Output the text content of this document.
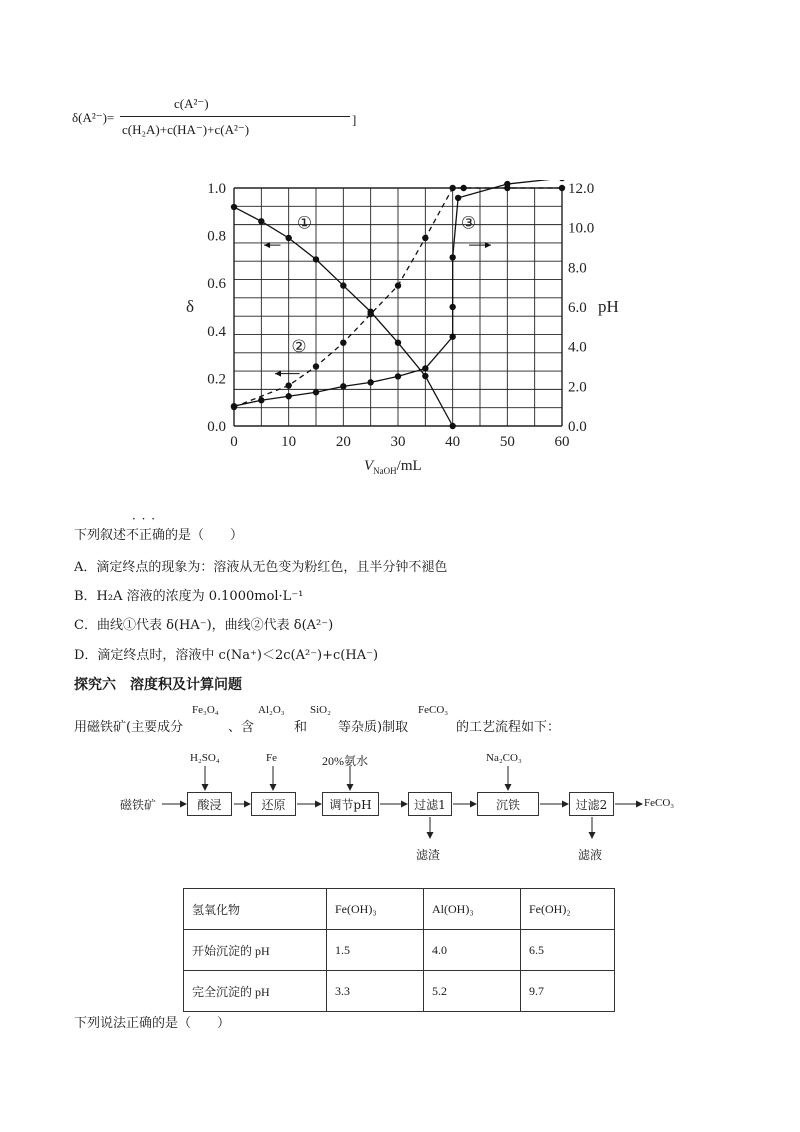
δ(A²⁻)=
c(A²⁻)
c(H₂A)+c(HA⁻)+c(A²⁻)
]
0	10	20	30	40	50	60
0.0
0.2
0.4
0.6
0.8
1.0
0.0
2.0
4.0
6.0
8.0
10.0
12.0
δ	pH
$V_{NaOH}/mL$
①
②
③
下列叙述不正确的是（　　）
· · ·
A．滴定终点的现象为：溶液从无色变为粉红色，且半分钟不褪色
B．H₂A 溶液的浓度为 0.1000mol·L⁻¹
C．曲线①代表 δ(HA⁻)，曲线②代表 δ(A²⁻)
D．滴定终点时，溶液中 c(Na⁺)＜2c(A²⁻)+c(HA⁻)
探究六　溶度积及计算问题
用磁铁矿(主要成分
Fe₃O₄
、含
Al₂O₃
和
SiO₂
等杂质)制取
FeCO₃
的工艺流程如下：
磁铁矿	酸浸	还原	调节pH	过滤1	沉铁	过滤2
H₂SO₄	Fe	20%氨水	Na₂CO₃
滤渣	滤液
FeCO₃
氢氧化物	Fe(OH)₃	Al(OH)₃	Fe(OH)₂
开始沉淀的 pH	1.5	4.0	6.5
完全沉淀的 pH	3.3	5.2	9.7
下列说法正确的是（　　）
